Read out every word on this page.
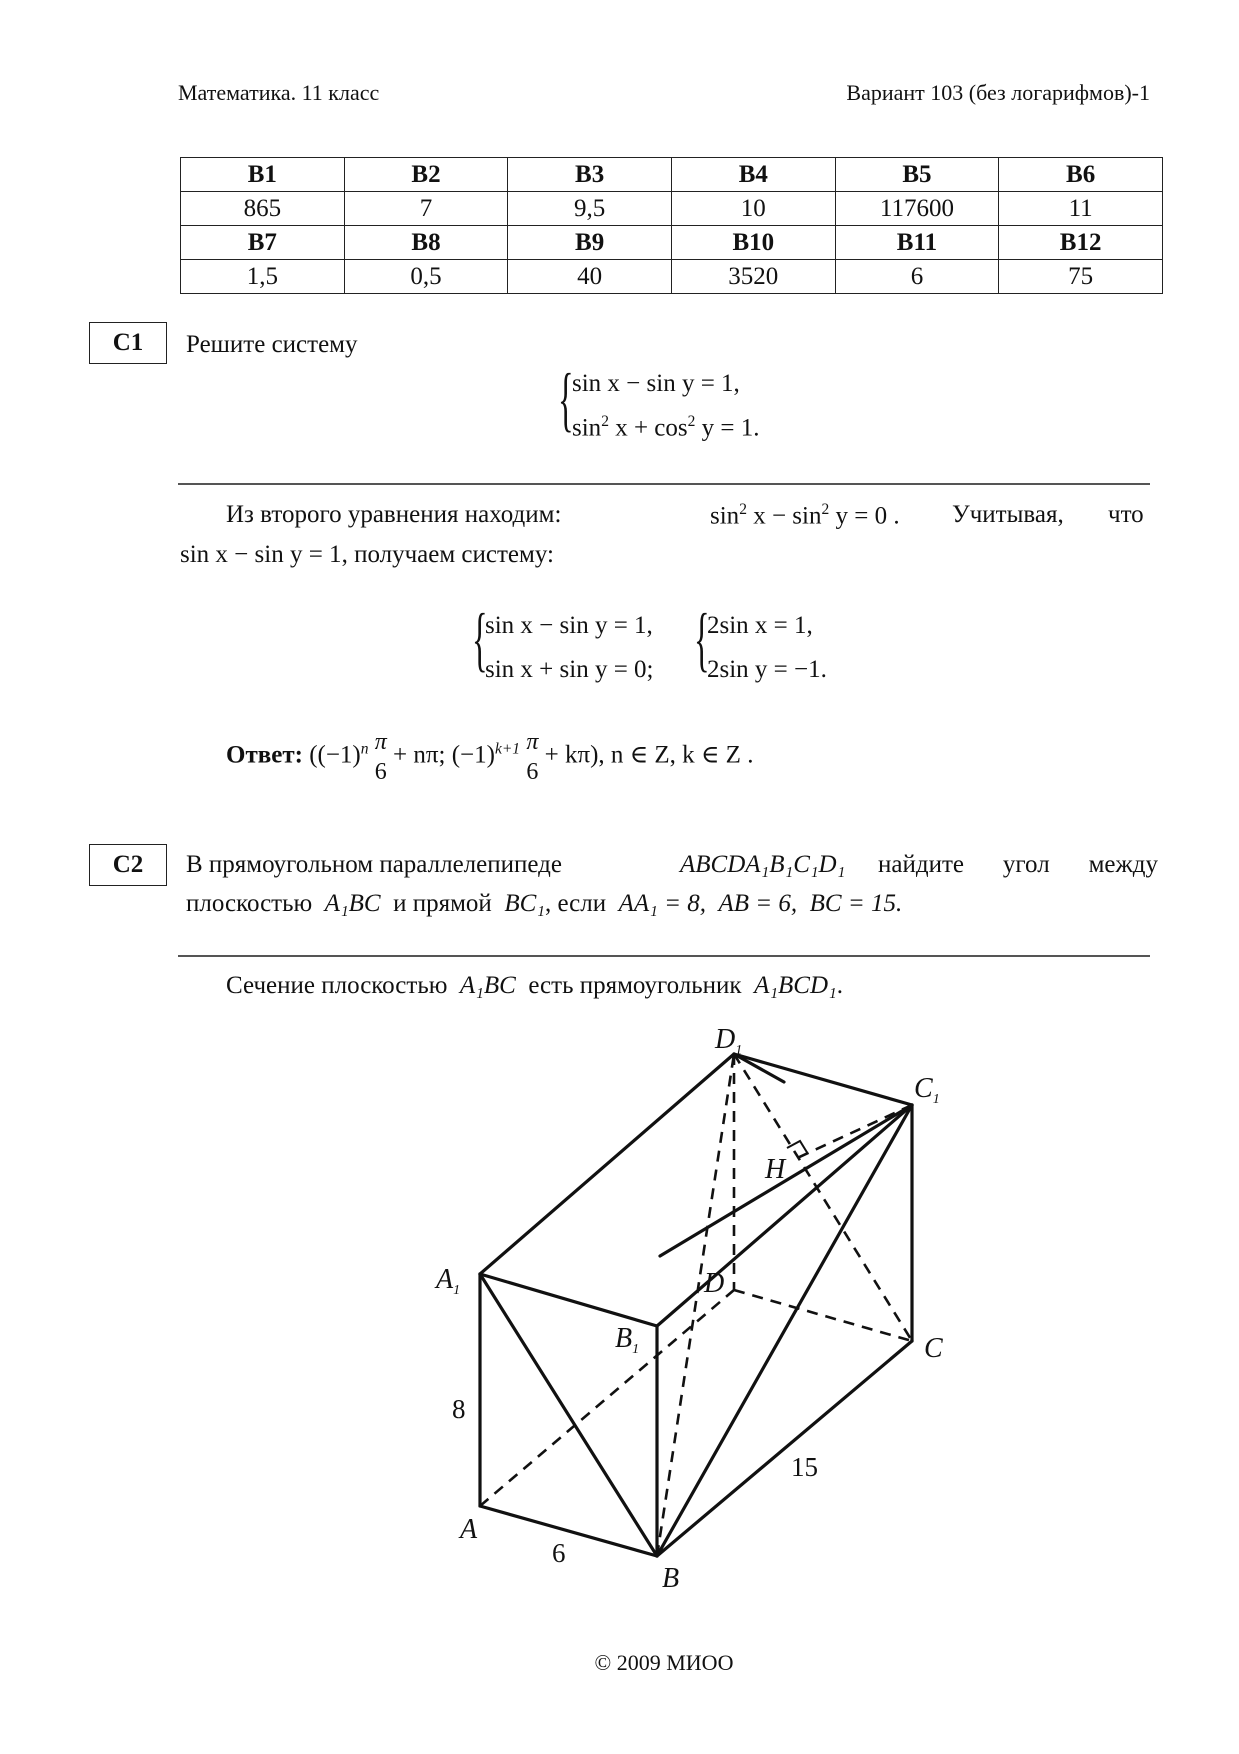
Математика. 11 класс	Вариант 103 (без логарифмов)-1
B1	B2	B3	B4	B5	B6
865	7	9,5	10	117600	11
B7	B8	B9	B10	B11	B12
1,5	0,5	40	3520	6	75
C1	Решите систему
{
sin x − sin y = 1,
$\sin^2 x + \cos^2 y = 1$.
Из второго уравнения находим:	$\sin^2 x - \sin^2 y = 0$ . Учитывая, что
sin x − sin y = 1, получаем систему:
{
sin x − sin y = 1,
sin x + sin y = 0; {
2sin x = 1,
2sin y = −1.
Ответ: ($(-1)^n$ π
6
+ nπ; $(-1)^{k+1}$ π
6
+ kπ), n ∈ Z, k ∈ Z .
C2	В прямоугольном параллелепипеде	ABCDA₁B₁C₁D₁ найдите угол между
плоскостью A₁BC и прямой BC₁, если AA₁ = 8, AB = 6, BC = 15.
Сечение плоскостью A₁BC есть прямоугольник A₁BCD₁.
$D_1$
$C_1$
H
$A_1$	D
$B_1$	C
A
B
8
6
15
© 2009 МИОО
